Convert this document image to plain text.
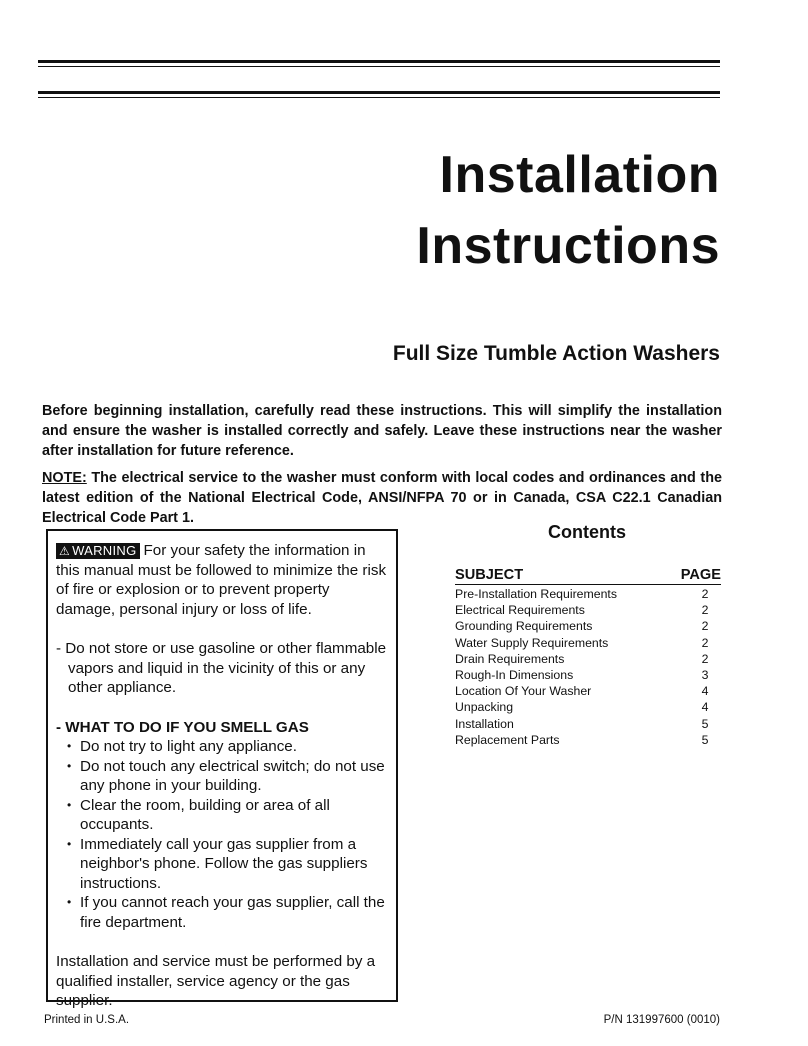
Installation
Instructions
Full Size Tumble Action Washers

Before beginning installation, carefully read these instructions. This will simplify the installation and ensure the washer is installed correctly and safely. Leave these instructions near the washer after installation for future reference.

NOTE: The electrical service to the washer must conform with local codes and ordinances and the latest edition of the National Electrical Code, ANSI/NFPA 70 or in Canada, CSA C22.1 Canadian Electrical Code Part 1.

⚠ WARNING For your safety the information in this manual must be followed to minimize the risk of fire or explosion or to prevent property damage, personal injury or loss of life.

- Do not store or use gasoline or other flammable vapors and liquid in the vicinity of this or any other appliance.

- WHAT TO DO IF YOU SMELL GAS

• Do not try to light any appliance.
• Do not touch any electrical switch; do not use any phone in your building.
• Clear the room, building or area of all occupants.
• Immediately call your gas supplier from a neighbor's phone. Follow the gas suppliers instructions.
• If you cannot reach your gas supplier, call the fire department.

Installation and service must be performed by a qualified installer, service agency or the gas supplier.

Contents
SUBJECT	PAGE
Pre-Installation Requirements	2
Electrical Requirements	2
Grounding Requirements	2
Water Supply Requirements	2
Drain Requirements	2
Rough-In Dimensions	3
Location Of Your Washer	4
Unpacking	4
Installation	5
Replacement Parts	5
Printed in U.S.A.	P/N 131997600 (0010)
